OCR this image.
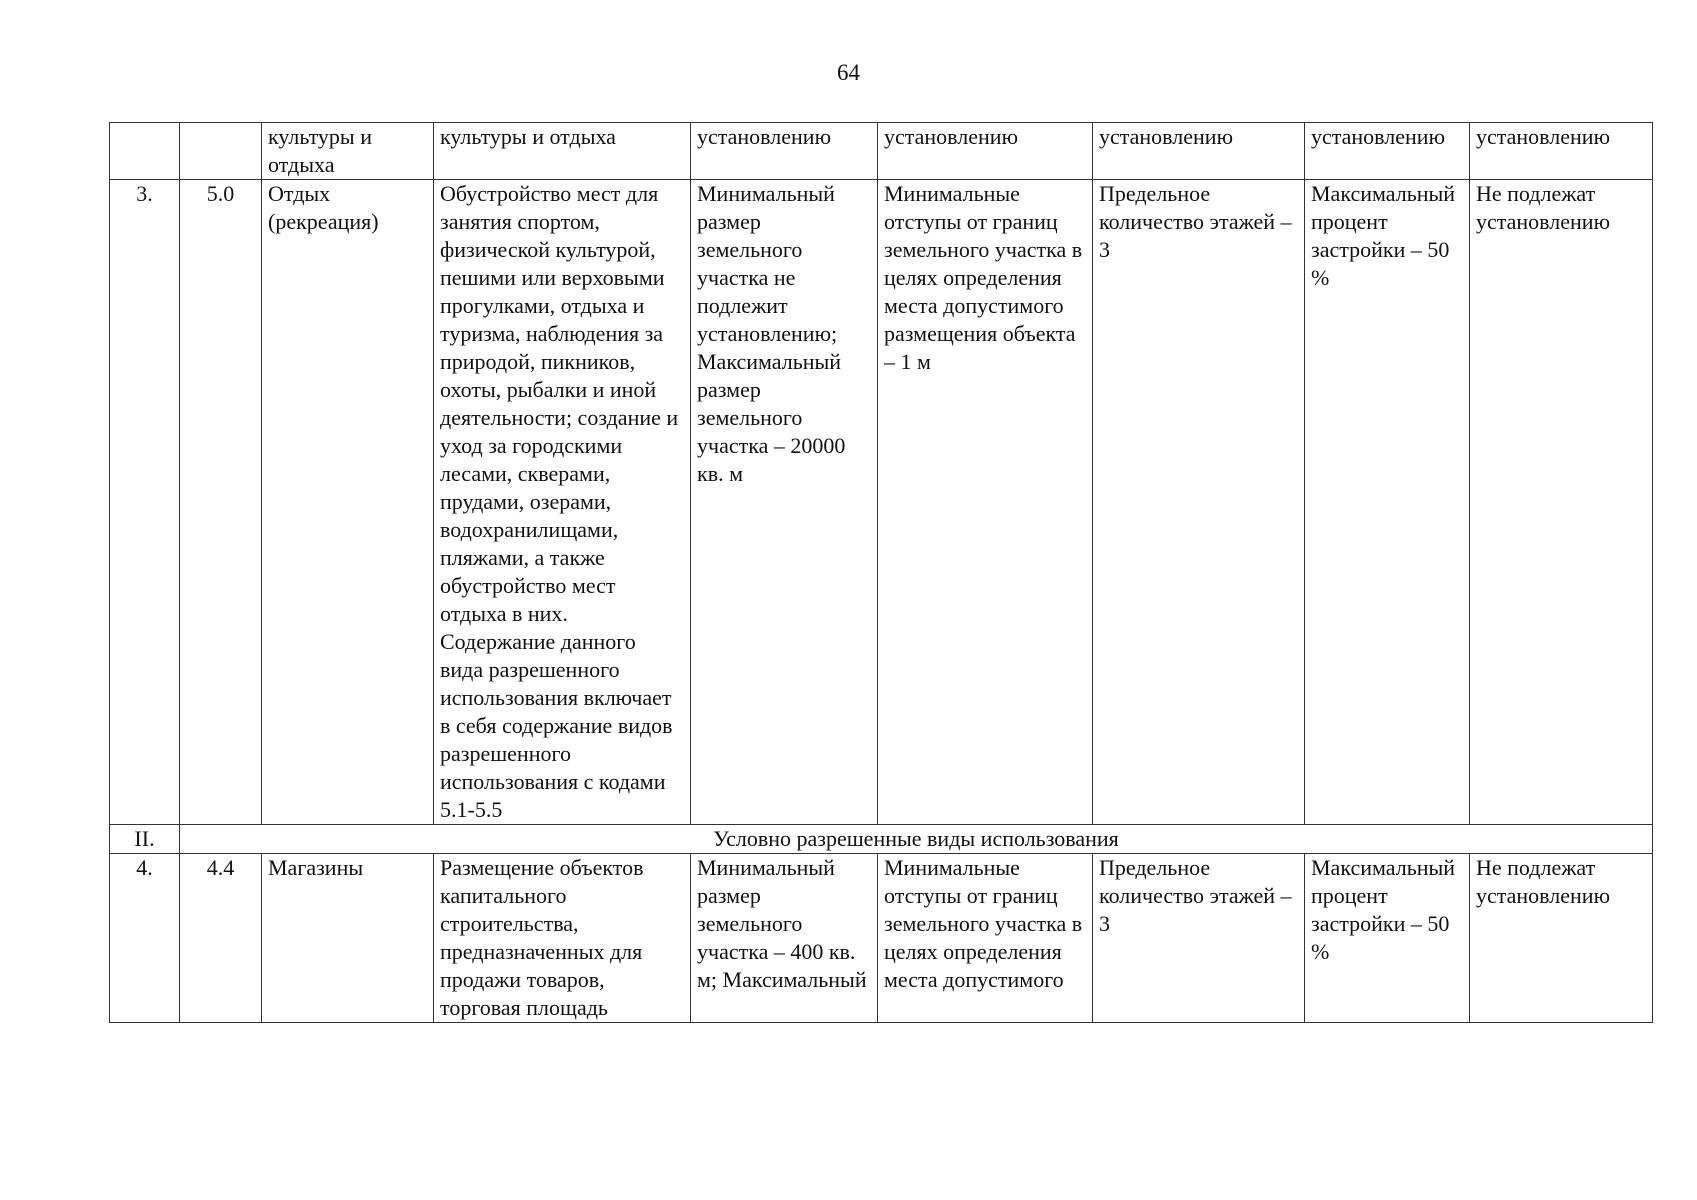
64
		культуры и отдыха	культуры и отдыха	установлению	установлению	установлению	установлению	установлению
3.	5.0	Отдых (рекреация)	Обустройство мест для занятия спортом, физической культурой, пешими или верховыми прогулками, отдыха и туризма, наблюдения за природой, пикников, охоты, рыбалки и иной деятельности; создание и уход за городскими лесами, скверами, прудами, озерами, водохранилищами, пляжами, а также обустройство мест отдыха в них. Содержание данного вида разрешенного использования включает в себя содержание видов разрешенного использования с кодами 5.1-5.5	Минимальный размер земельного участка не подлежит установлению; Максимальный размер земельного участка – 20000 кв. м	Минимальные отступы от границ земельного участка в целях определения места допустимого размещения объекта – 1 м	Предельное количество этажей – 3	Максимальный процент застройки – 50 %	Не подлежат установлению
II.	Условно разрешенные виды использования							
4.	4.4	Магазины	Размещение объектов капитального строительства, предназначенных для продажи товаров, торговая площадь	Минимальный размер земельного участка – 400 кв. м; Максимальный	Минимальные отступы от границ земельного участка в целях определения места допустимого	Предельное количество этажей – 3	Максимальный процент застройки – 50 %	Не подлежат установлению
